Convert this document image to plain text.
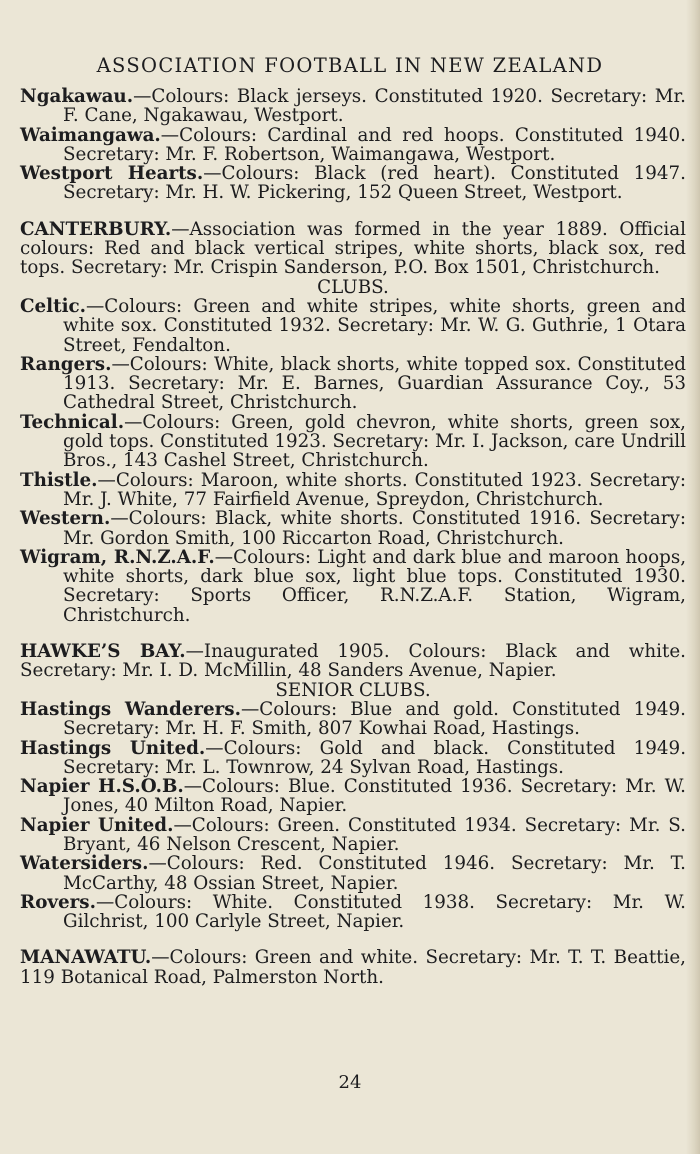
ASSOCIATION FOOTBALL IN NEW ZEALAND

Ngakawau.—Colours: Black jerseys. Constituted 1920. Secretary: Mr. F. Cane, Ngakawau, Westport.

Waimangawa.—Colours: Cardinal and red hoops. Constituted 1940. Secretary: Mr. F. Robertson, Waimangawa, Westport.

Westport Hearts.—Colours: Black (red heart). Constituted 1947. Secretary: Mr. H. W. Pickering, 152 Queen Street, Westport.

CANTERBURY.—Association was formed in the year 1889. Official colours: Red and black vertical stripes, white shorts, black sox, red tops. Secretary: Mr. Crispin Sanderson, P.O. Box 1501, Christchurch.

CLUBS.

Celtic.—Colours: Green and white stripes, white shorts, green and white sox. Constituted 1932. Secretary: Mr. W. G. Guthrie, 1 Otara Street, Fendalton.

Rangers.—Colours: White, black shorts, white topped sox. Constituted 1913. Secretary: Mr. E. Barnes, Guardian Assurance Coy., 53 Cathedral Street, Christchurch.

Technical.—Colours: Green, gold chevron, white shorts, green sox, gold tops. Constituted 1923. Secretary: Mr. I. Jackson, care Undrill Bros., 143 Cashel Street, Christchurch.

Thistle.—Colours: Maroon, white shorts. Constituted 1923. Secretary: Mr. J. White, 77 Fairfield Avenue, Spreydon, Christchurch.

Western.—Colours: Black, white shorts. Constituted 1916. Secretary: Mr. Gordon Smith, 100 Riccarton Road, Christchurch.

Wigram, R.N.Z.A.F.—Colours: Light and dark blue and maroon hoops, white shorts, dark blue sox, light blue tops. Constituted 1930. Secretary: Sports Officer, R.N.Z.A.F. Station, Wigram, Christchurch.

HAWKE’S BAY.—Inaugurated 1905. Colours: Black and white. Secretary: Mr. I. D. McMillin, 48 Sanders Avenue, Napier.

SENIOR CLUBS.

Hastings Wanderers.—Colours: Blue and gold. Constituted 1949. Secretary: Mr. H. F. Smith, 807 Kowhai Road, Hastings.

Hastings United.—Colours: Gold and black. Constituted 1949. Secretary: Mr. L. Townrow, 24 Sylvan Road, Hastings.

Napier H.S.O.B.—Colours: Blue. Constituted 1936. Secretary: Mr. W. Jones, 40 Milton Road, Napier.

Napier United.—Colours: Green. Constituted 1934. Secretary: Mr. S. Bryant, 46 Nelson Crescent, Napier.

Watersiders.—Colours: Red. Constituted 1946. Secretary: Mr. T. McCarthy, 48 Ossian Street, Napier.

Rovers.—Colours: White. Constituted 1938. Secretary: Mr. W. Gilchrist, 100 Carlyle Street, Napier.

MANAWATU.—Colours: Green and white. Secretary: Mr. T. T. Beattie, 119 Botanical Road, Palmerston North.

24
